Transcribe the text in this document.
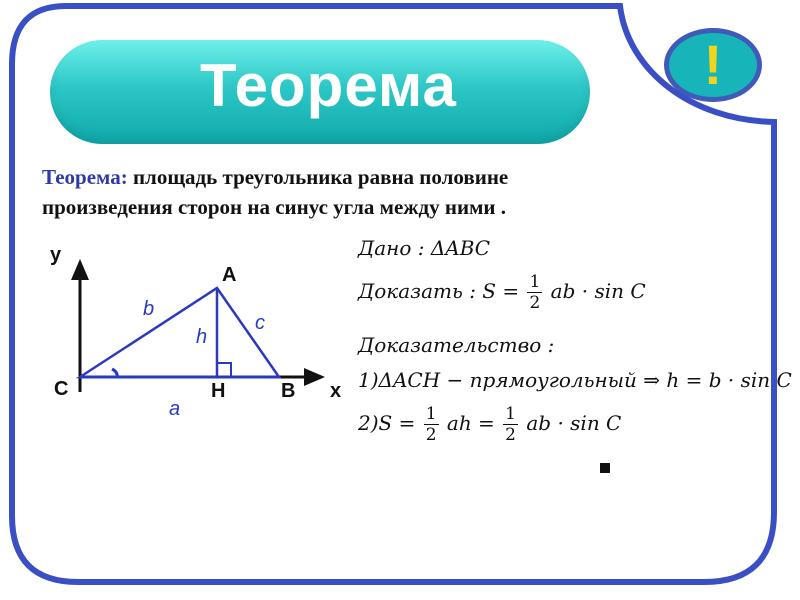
Теорема	!
Теорема: площадь треугольника равна половине произведения сторон на синус угла между ними .
у
А
С	Н	В х
b
c
h
a
Дано : ΔABC
Доказать : $S = \frac{1}{2}$ ab · sin C
Доказательство :
1)ΔACH − прямоугольный ⇒ h = b · sin C
$2)S = \frac{1}{2}$ ah = $\frac{1}{2}$ ab · sin C
